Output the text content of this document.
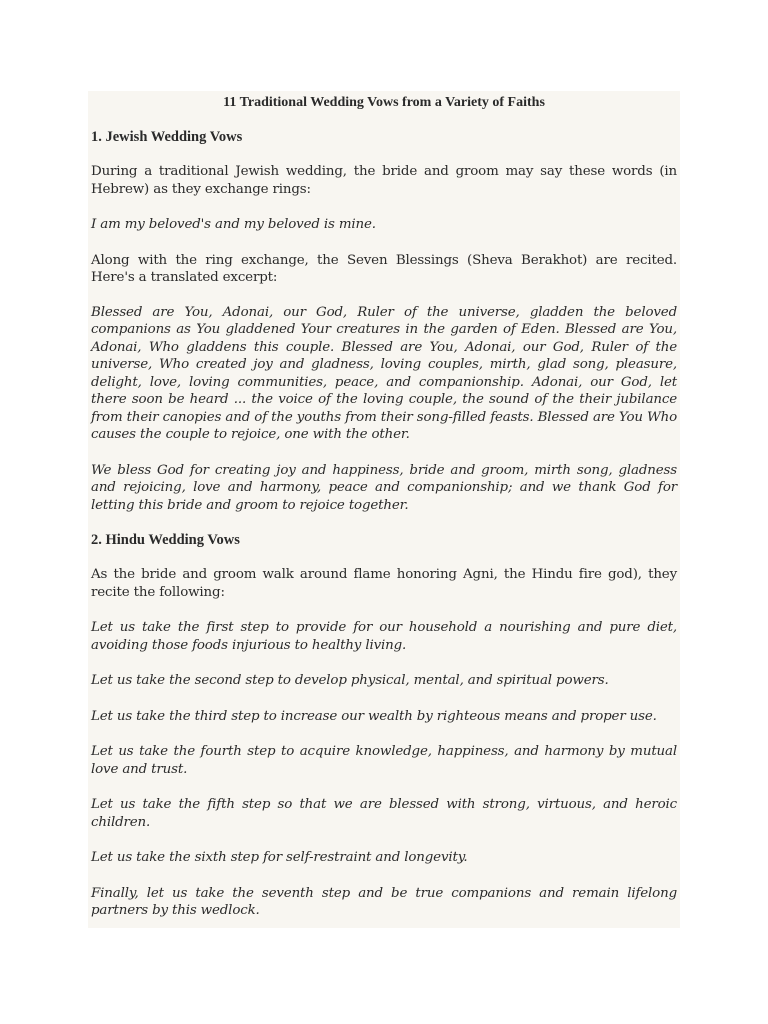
11 Traditional Wedding Vows from a Variety of Faiths
1. Jewish Wedding Vows

During a traditional Jewish wedding, the bride and groom may say these words (in Hebrew) as they exchange rings:

I am my beloved's and my beloved is mine.

Along with the ring exchange, the Seven Blessings (Sheva Berakhot) are recited. Here's a translated excerpt:

Blessed are You, Adonai, our God, Ruler of the universe, gladden the beloved companions as You gladdened Your creatures in the garden of Eden. Blessed are You, Adonai, Who gladdens this couple. Blessed are You, Adonai, our God, Ruler of the universe, Who created joy and gladness, loving couples, mirth, glad song, pleasure, delight, love, loving communities, peace, and companionship. Adonai, our God, let there soon be heard ... the voice of the loving couple, the sound of the their jubilance from their canopies and of the youths from their song-filled feasts. Blessed are You Who causes the couple to rejoice, one with the other.

We bless God for creating joy and happiness, bride and groom, mirth song, gladness and rejoicing, love and harmony, peace and companionship; and we thank God for letting this bride and groom to rejoice together.

2. Hindu Wedding Vows

As the bride and groom walk around flame honoring Agni, the Hindu fire god), they recite the following:

Let us take the first step to provide for our household a nourishing and pure diet, avoiding those foods injurious to healthy living.

Let us take the second step to develop physical, mental, and spiritual powers.

Let us take the third step to increase our wealth by righteous means and proper use.

Let us take the fourth step to acquire knowledge, happiness, and harmony by mutual love and trust.

Let us take the fifth step so that we are blessed with strong, virtuous, and heroic children.

Let us take the sixth step for self-restraint and longevity.

Finally, let us take the seventh step and be true companions and remain lifelong partners by this wedlock.
